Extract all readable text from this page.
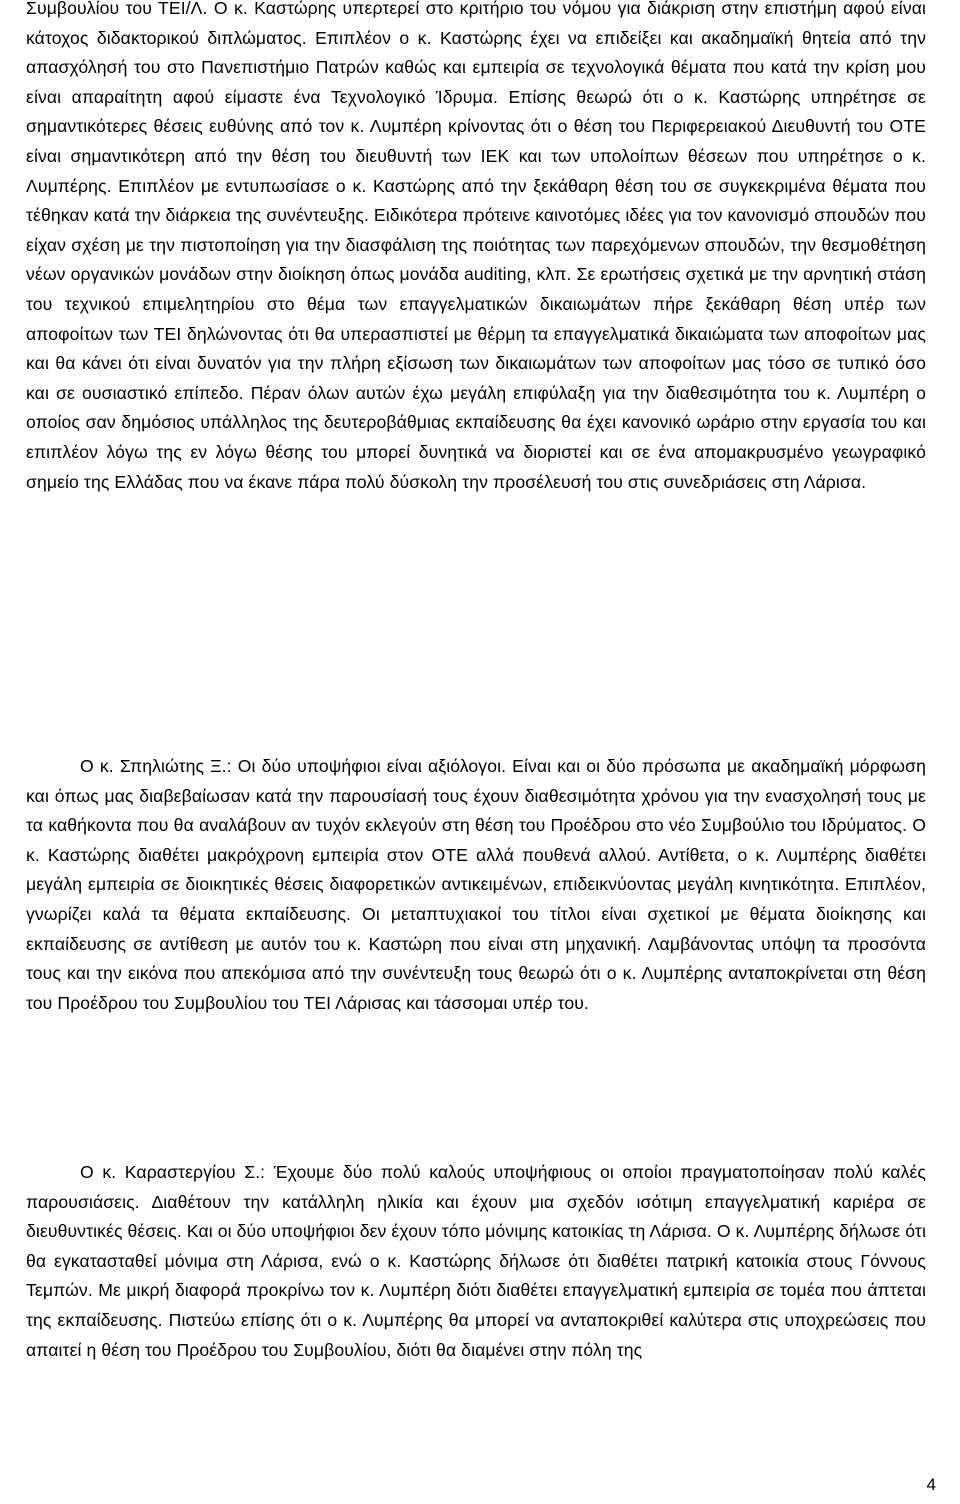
Συμβουλίου του ΤΕΙ/Λ. Ο κ. Καστώρης υπερτερεί στο κριτήριο του νόμου για διάκριση στην επιστήμη αφού είναι κάτοχος διδακτορικού διπλώματος. Επιπλέον ο κ. Καστώρης έχει να επιδείξει και ακαδημαϊκή θητεία από την απασχόλησή του στο Πανεπιστήμιο Πατρών καθώς και εμπειρία σε τεχνολογικά θέματα που κατά την κρίση μου είναι απαραίτητη αφού είμαστε ένα Τεχνολογικό Ίδρυμα. Επίσης θεωρώ ότι ο κ. Καστώρης υπηρέτησε σε σημαντικότερες θέσεις ευθύνης από τον κ. Λυμπέρη κρίνοντας ότι ο θέση του Περιφερειακού Διευθυντή του ΟΤΕ είναι σημαντικότερη από την θέση του διευθυντή των ΙΕΚ και των υπολοίπων θέσεων που υπηρέτησε ο κ. Λυμπέρης. Επιπλέον με εντυπωσίασε ο κ. Καστώρης από την ξεκάθαρη θέση του σε συγκεκριμένα θέματα που τέθηκαν κατά την διάρκεια της συνέντευξης. Ειδικότερα πρότεινε καινοτόμες ιδέες για τον κανονισμό σπουδών που είχαν σχέση με την πιστοποίηση για την διασφάλιση της ποιότητας των παρεχόμενων σπουδών, την θεσμοθέτηση νέων οργανικών μονάδων στην διοίκηση όπως μονάδα auditing, κλπ. Σε ερωτήσεις σχετικά με την αρνητική στάση του τεχνικού επιμελητηρίου στο θέμα των επαγγελματικών δικαιωμάτων πήρε ξεκάθαρη θέση υπέρ των αποφοίτων των ΤΕΙ δηλώνοντας ότι θα υπερασπιστεί με θέρμη τα επαγγελματικά δικαιώματα των αποφοίτων μας και θα κάνει ότι είναι δυνατόν για την πλήρη εξίσωση των δικαιωμάτων των αποφοίτων μας τόσο σε τυπικό όσο και σε ουσιαστικό επίπεδο. Πέραν όλων αυτών έχω μεγάλη επιφύλαξη για την διαθεσιμότητα του κ. Λυμπέρη ο οποίος σαν δημόσιος υπάλληλος της δευτεροβάθμιας εκπαίδευσης θα έχει κανονικό ωράριο στην εργασία του και επιπλέον λόγω της εν λόγω θέσης του μπορεί δυνητικά να διοριστεί και σε ένα απομακρυσμένο γεωγραφικό σημείο της Ελλάδας που να έκανε πάρα πολύ δύσκολη την προσέλευσή του στις συνεδριάσεις στη Λάρισα.

Ο κ. Σπηλιώτης Ξ.: Οι δύο υποψήφιοι είναι αξιόλογοι. Είναι και οι δύο πρόσωπα με ακαδημαϊκή μόρφωση και όπως μας διαβεβαίωσαν κατά την παρουσίασή τους έχουν διαθεσιμότητα χρόνου για την ενασχολησή τους με τα καθήκοντα που θα αναλάβουν αν τυχόν εκλεγούν στη θέση του Προέδρου στο νέο Συμβούλιο του Ιδρύματος. Ο κ. Καστώρης διαθέτει μακρόχρονη εμπειρία στον ΟΤΕ αλλά πουθενά αλλού. Αντίθετα, ο κ. Λυμπέρης διαθέτει μεγάλη εμπειρία σε διοικητικές θέσεις διαφορετικών αντικειμένων, επιδεικνύοντας μεγάλη κινητικότητα. Επιπλέον, γνωρίζει καλά τα θέματα εκπαίδευσης. Οι μεταπτυχιακοί του τίτλοι είναι σχετικοί με θέματα διοίκησης και εκπαίδευσης σε αντίθεση με αυτόν του κ. Καστώρη που είναι στη μηχανική. Λαμβάνοντας υπόψη τα προσόντα τους και την εικόνα που απεκόμισα από την συνέντευξη τους θεωρώ ότι ο κ. Λυμπέρης ανταποκρίνεται στη θέση του Προέδρου του Συμβουλίου του ΤΕΙ Λάρισας και τάσσομαι υπέρ του.

Ο κ. Καραστεργίου Σ.: Έχουμε δύο πολύ καλούς υποψήφιους οι οποίοι πραγματοποίησαν πολύ καλές παρουσιάσεις. Διαθέτουν την κατάλληλη ηλικία και έχουν μια σχεδόν ισότιμη επαγγελματική καριέρα σε διευθυντικές θέσεις. Και οι δύο υποψήφιοι δεν έχουν τόπο μόνιμης κατοικίας τη Λάρισα. Ο κ. Λυμπέρης δήλωσε ότι θα εγκατασταθεί μόνιμα στη Λάρισα, ενώ ο κ. Καστώρης δήλωσε ότι διαθέτει πατρική κατοικία στους Γόννους Τεμπών. Με μικρή διαφορά προκρίνω τον κ. Λυμπέρη διότι διαθέτει επαγγελματική εμπειρία σε τομέα που άπτεται της εκπαίδευσης. Πιστεύω επίσης ότι ο κ. Λυμπέρης θα μπορεί να ανταποκριθεί καλύτερα στις υποχρεώσεις που απαιτεί η θέση του Προέδρου του Συμβουλίου, διότι θα διαμένει στην πόλη της

4
